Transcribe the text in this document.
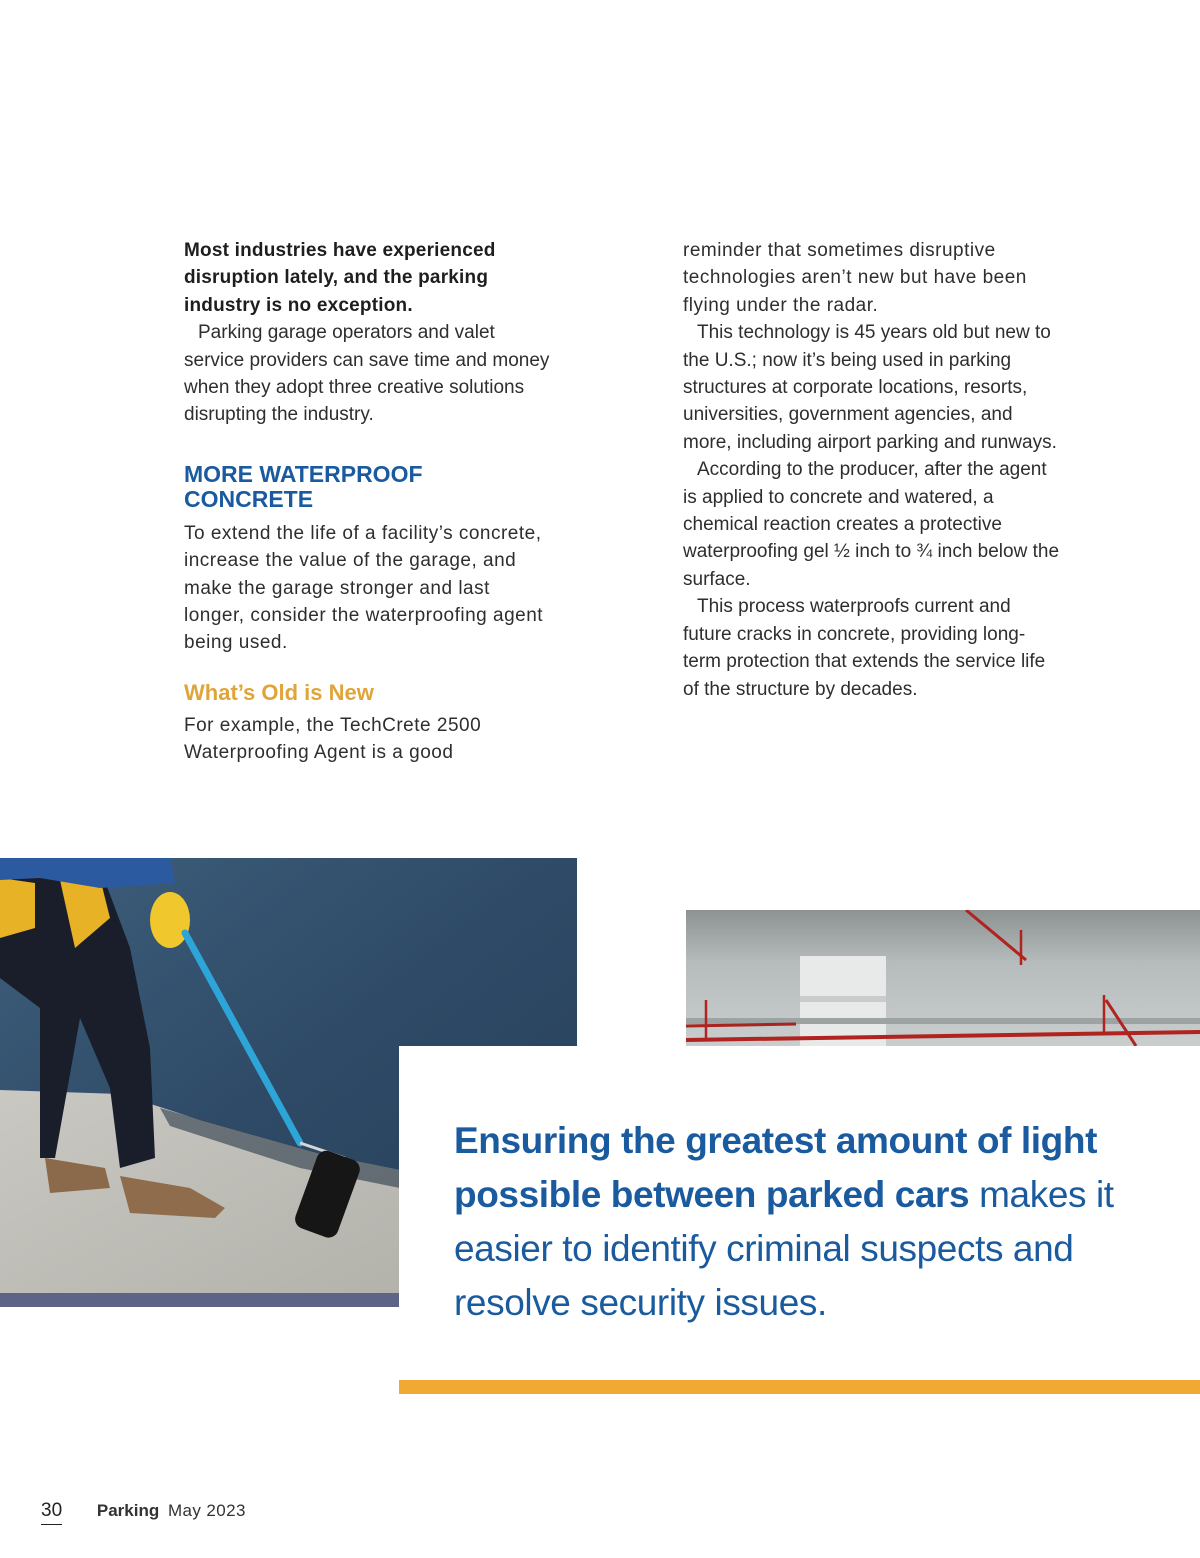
Most industries have experienced disruption lately, and the parking industry is no exception.

Parking garage operators and valet service providers can save time and money when they adopt three creative solutions disrupting the industry.

MORE WATERPROOF CONCRETE

To extend the life of a facility’s concrete, increase the value of the garage, and make the garage stronger and last longer, consider the waterproofing agent being used.

What’s Old is New

For example, the TechCrete 2500 Waterproofing Agent is a good

reminder that sometimes disruptive technologies aren’t new but have been flying under the radar.

This technology is 45 years old but new to the U.S.; now it’s being used in parking structures at corporate locations, resorts, universities, government agencies, and more, including airport parking and runways.

According to the producer, after the agent is applied to concrete and watered, a chemical reaction creates a protective waterproofing gel ½ inch to ¾ inch below the surface.

This process waterproofs current and future cracks in concrete, providing long-term protection that extends the service life of the structure by decades.

Ensuring the greatest amount of light possible between parked cars makes it easier to identify criminal suspects and resolve security issues.

30 Parking May 2023
